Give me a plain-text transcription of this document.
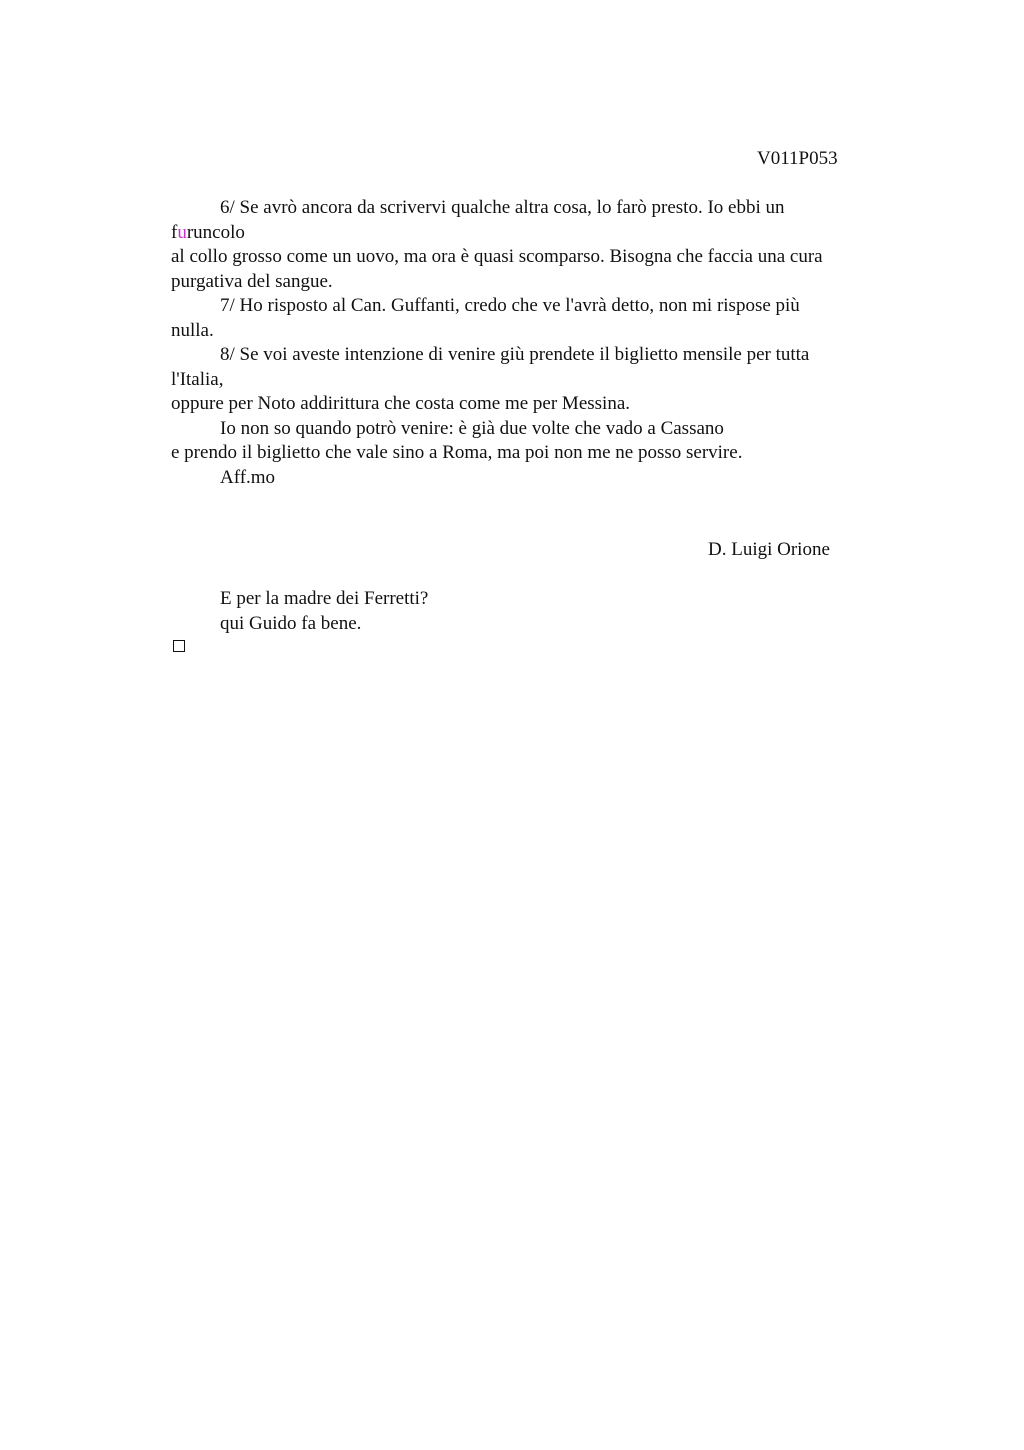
V011P053
6/ Se avrò ancora da scrivervi qualche altra cosa, lo farò presto. Io ebbi un
furuncolo
al collo grosso come un uovo, ma ora è quasi scomparso. Bisogna che faccia una cura
purgativa del sangue.
7/ Ho risposto al Can. Guffanti, credo che ve l'avrà detto, non mi rispose più
nulla.
8/ Se voi aveste intenzione di venire giù prendete il biglietto mensile per tutta
l'Italia,
oppure per Noto addirittura che costa come me per Messina.
Io non so quando potrò venire: è già due volte che vado a Cassano
e prendo il biglietto che vale sino a Roma, ma poi non me ne posso servire.
Aff.mo
D. Luigi Orione
E per la madre dei Ferretti?
qui Guido fa bene.
